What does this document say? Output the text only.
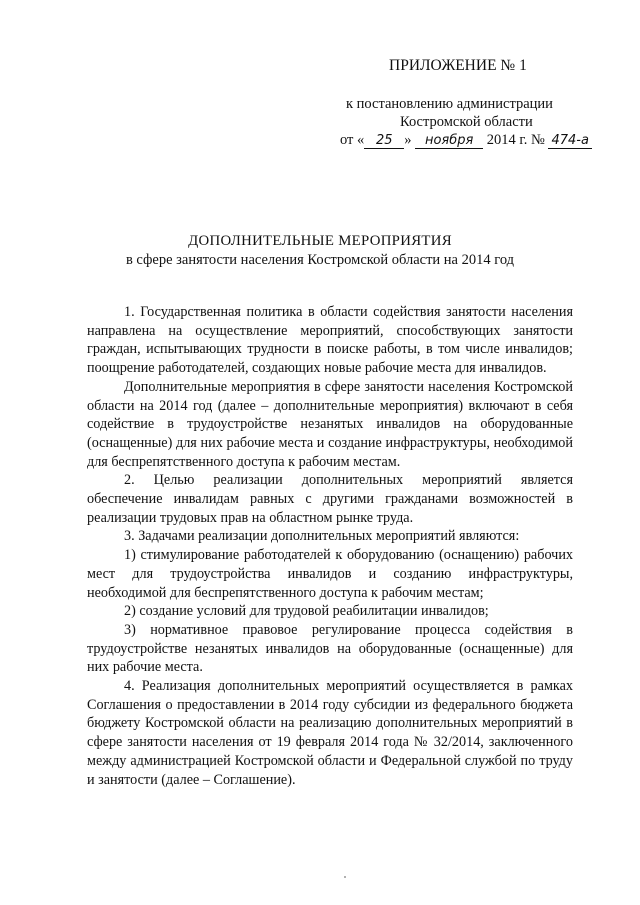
ПРИЛОЖЕНИЕ № 1
к постановлению администрации
Костромской области
от « 25 » ноября 2014 г. № 474-а
ДОПОЛНИТЕЛЬНЫЕ МЕРОПРИЯТИЯ
в сфере занятости населения Костромской области на 2014 год

1. Государственная политика в области содействия занятости населения направлена на осуществление мероприятий, способствующих занятости граждан, испытывающих трудности в поиске работы, в том числе инвалидов; поощрение работодателей, создающих новые рабочие места для инвалидов.

Дополнительные мероприятия в сфере занятости населения Костромской области на 2014 год (далее – дополнительные мероприятия) включают в себя содействие в трудоустройстве незанятых инвалидов на оборудованные (оснащенные) для них рабочие места и создание инфраструктуры, необходимой для беспрепятственного доступа к рабочим местам.

2. Целью реализации дополнительных мероприятий является обеспечение инвалидам равных с другими гражданами возможностей в реализации трудовых прав на областном рынке труда.

3. Задачами реализации дополнительных мероприятий являются:

1) стимулирование работодателей к оборудованию (оснащению) рабочих мест для трудоустройства инвалидов и созданию инфраструктуры, необходимой для беспрепятственного доступа к рабочим местам;

2) создание условий для трудовой реабилитации инвалидов;

3) нормативное правовое регулирование процесса содействия в трудоустройстве незанятых инвалидов на оборудованные (оснащенные) для них рабочие места.

4. Реализация дополнительных мероприятий осуществляется в рамках Соглашения о предоставлении в 2014 году субсидии из федерального бюджета бюджету Костромской области на реализацию дополнительных мероприятий в сфере занятости населения от 19 февраля 2014 года № 32/2014, заключенного между администрацией Костромской области и Федеральной службой по труду и занятости (далее – Соглашение).
